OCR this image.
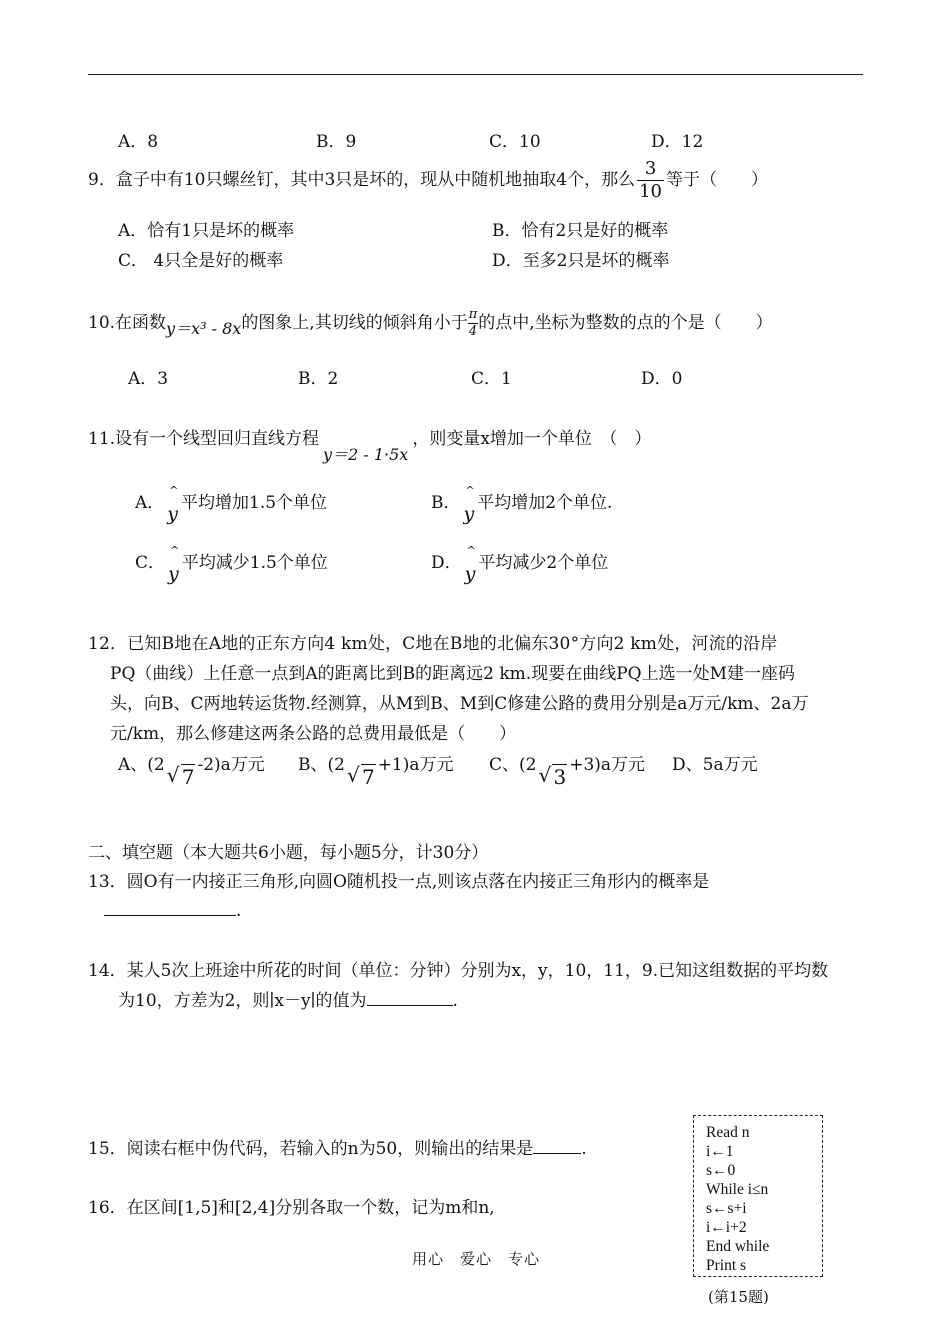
A．8	B．9	C．10	D．12
9．盒子中有10只螺丝钉，其中3只是坏的，现从中随机地抽取4个，那么 $\frac{3}{10}$ 等于（　　）
A．恰有1只是坏的概率	B．恰有2只是好的概率
C． 4只全是好的概率	D．至多2只是坏的概率
10.在函数y＝x³ - 8x的图象上,其切线的倾斜角小于 $\frac{\pi}{4}$的点中,坐标为整数的点的个是（　　）
A．3	B．2	C．1	D．0
11.设有一个线型回归直线方程y＝2 - 1·5x，则变量x增加一个单位　（　）
A． ^ y 平均增加1.5个单位	B． ^ y 平均增加2个单位.
C． ^ y 平均减少1.5个单位	D． ^ y 平均减少2个单位
12．已知B地在A地的正东方向4 km处，C地在B地的北偏东30°方向2 km处，河流的沿岸
PQ（曲线）上任意一点到A的距离比到B的距离远2 km.现要在曲线PQ上选一处M建一座码
头，向B、C两地转运货物.经测算，从M到B、M到C修建公路的费用分别是a万元/km、2a万
元/km，那么修建这两条公路的总费用最低是（　　）
A、(2 √ 7 -2)a万元 B、(2 √ 7 +1)a万元 C、(2 √ 3 +3)a万元 D、5a万元
二、填空题（本大题共6小题，每小题5分，计30分）
13．圆O有一内接正三角形,向圆O随机投一点,则该点落在内接正三角形内的概率是
.
14．某人5次上班途中所花的时间（单位：分钟）分别为x，y，10，11，9.已知这组数据的平均数
为10，方差为2，则∣x－y∣的值为	.
15．阅读右框中伪代码，若输入的n为50，则输出的结果是	.
16．在区间[1,5]和[2,4]分别各取一个数，记为m和n,
Read n
i←1
s←0
While i≤n
s←s+i
i←i+2
End while
Print s
(第15题)
用心　爱心　专心
